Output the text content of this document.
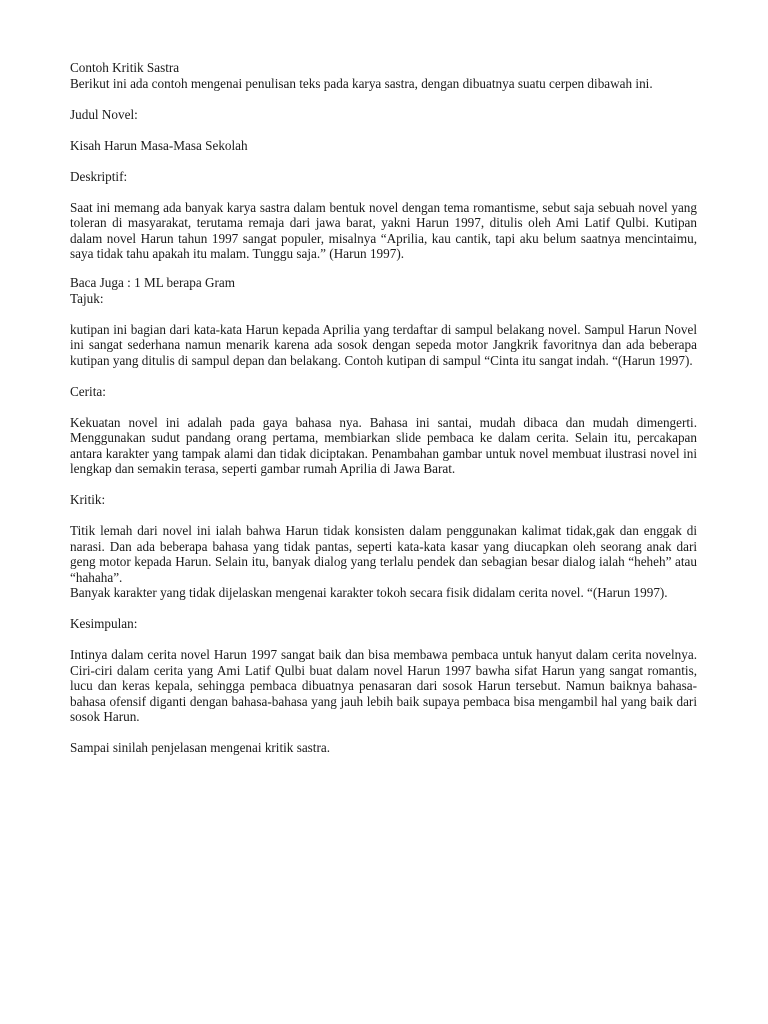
Contoh Kritik Sastra

Berikut ini ada contoh mengenai penulisan teks pada karya sastra, dengan dibuatnya suatu cerpen dibawah ini.

Judul Novel:

Kisah Harun Masa-Masa Sekolah

Deskriptif:

Saat ini memang ada banyak karya sastra dalam bentuk novel dengan tema romantisme, sebut saja sebuah novel yang toleran di masyarakat, terutama remaja dari jawa barat, yakni Harun 1997, ditulis oleh Ami Latif Qulbi. Kutipan dalam novel Harun tahun 1997 sangat populer, misalnya “Aprilia, kau cantik, tapi aku belum saatnya mencintaimu, saya tidak tahu apakah itu malam. Tunggu saja.” (Harun 1997).

Baca Juga : 1 ML berapa Gram

Tajuk:

kutipan ini bagian dari kata-kata Harun kepada Aprilia yang terdaftar di sampul belakang novel. Sampul Harun Novel ini sangat sederhana namun menarik karena ada sosok dengan sepeda motor Jangkrik favoritnya dan ada beberapa kutipan yang ditulis di sampul depan dan belakang. Contoh kutipan di sampul “Cinta itu sangat indah. “(Harun 1997).

Cerita:

Kekuatan novel ini adalah pada gaya bahasa nya. Bahasa ini santai, mudah dibaca dan mudah dimengerti. Menggunakan sudut pandang orang pertama, membiarkan slide pembaca ke dalam cerita. Selain itu, percakapan antara karakter yang tampak alami dan tidak diciptakan. Penambahan gambar untuk novel membuat ilustrasi novel ini lengkap dan semakin terasa, seperti gambar rumah Aprilia di Jawa Barat.

Kritik:

Titik lemah dari novel ini ialah bahwa Harun tidak konsisten dalam penggunakan kalimat tidak,gak dan enggak di narasi. Dan ada beberapa bahasa yang tidak pantas, seperti kata-kata kasar yang diucapkan oleh seorang anak dari geng motor kepada Harun. Selain itu, banyak dialog yang terlalu pendek dan sebagian besar dialog ialah “heheh” atau “hahaha”.

Banyak karakter yang tidak dijelaskan mengenai karakter tokoh secara fisik didalam cerita novel. “(Harun 1997).

Kesimpulan:

Intinya dalam cerita novel Harun 1997 sangat baik dan bisa membawa pembaca untuk hanyut dalam cerita novelnya. Ciri-ciri dalam cerita yang Ami Latif Qulbi buat dalam novel Harun 1997 bawha sifat Harun yang sangat romantis, lucu dan keras kepala, sehingga pembaca dibuatnya penasaran dari sosok Harun tersebut. Namun baiknya bahasa-bahasa ofensif diganti dengan bahasa-bahasa yang jauh lebih baik supaya pembaca bisa mengambil hal yang baik dari sosok Harun.

Sampai sinilah penjelasan mengenai kritik sastra.
